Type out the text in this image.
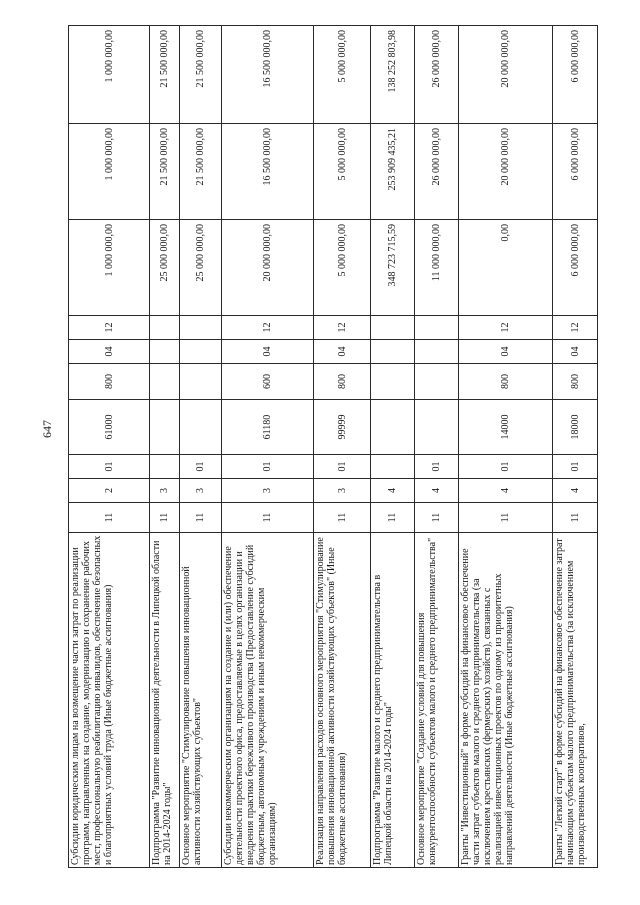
647
Субсидии юридическим лицам на возмещение части затрат по реализации программ, направленных на создание, модернизацию и сохранение рабочих мест, профессиональную реабилитацию инвалидов, обеспечение безопасных и благоприятных условий труда (Иные бюджетные ассигнования)	11	2	01	61000	800	04	12	1 000 000,00	1 000 000,00	1 000 000,00
Подпрограмма "Развитие инновационной деятельности в Липецкой области на 2014-2024 годы"	11	3						25 000 000,00	21 500 000,00	21 500 000,00
Основное мероприятие "Стимулирование повышения инновационной активности хозяйствующих субъектов"	11	3	01					25 000 000,00	21 500 000,00	21 500 000,00
Субсидии некоммерческим организациям на создание и (или) обеспечение деятельности проектного офиса, предоставляемые в целях организации и внедрения практики бережливого производства (Предоставление субсидий бюджетным, автономным учреждениям и иным некоммерческим организациям)	11	3	01	61180	600	04	12	20 000 000,00	16 500 000,00	16 500 000,00
Реализация направления расходов основного мероприятия "Стимулирование повышения инновационной активности хозяйствующих субъектов" (Иные бюджетные ассигнования)	11	3	01	99999	800	04	12	5 000 000,00	5 000 000,00	5 000 000,00
Подпрограмма "Развитие малого и среднего предпринимательства в Липецкой области на 2014-2024 годы"	11	4						348 723 715,59	253 909 435,21	138 252 803,98
Основное мероприятие "Создание условий для повышения конкурентоспособности субъектов малого и среднего предпринимательства"	11	4	01					11 000 000,00	26 000 000,00	26 000 000,00
Гранты "Инвестиционный" в форме субсидий на финансовое обеспечение части затрат субъектов малого и среднего предпринимательства (за исключением крестьянских (фермерских) хозяйств), связанных с реализацией инвестиционных проектов по одному из приоритетных направлений деятельности (Иные бюджетные ассигнования)	11	4	01	14000	800	04	12	0,00	20 000 000,00	20 000 000,00
Гранты "Легкий старт" в форме субсидий на финансовое обеспечение затрат начинающим субъектам малого предпринимательства (за исключением производственных кооперативов,	11	4	01	18000	800	04	12	6 000 000,00	6 000 000,00	6 000 000,00
